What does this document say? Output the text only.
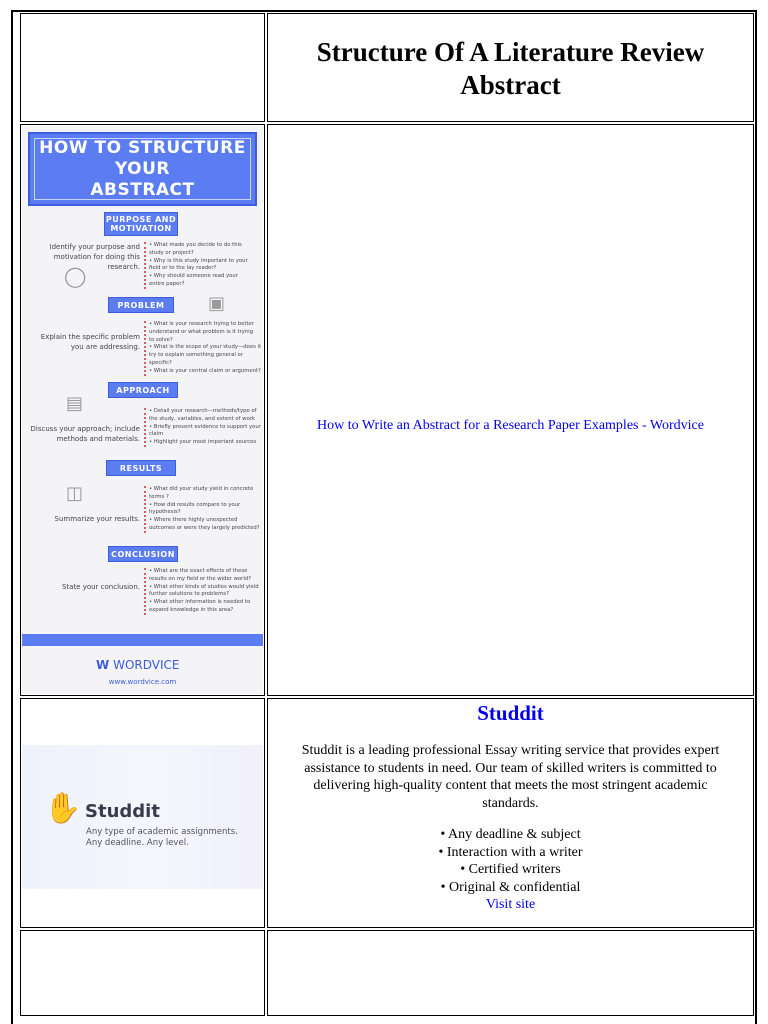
Structure Of A Literature Review
Abstract
HOW TO STRUCTURE YOUR
ABSTRACT
PURPOSE AND
MOTIVATION
Identify your purpose and
motivation for doing this
research.
◯
• What made you decide to do this
study or project?
• Why is this study important to your
field or to the lay reader?
• Why should someone read your
entire paper?
PROBLEM ▣
Explain the specific problem
you are addressing.
• What is your research trying to better
understand or what problem is it trying
to solve?
• What is the scope of your study—does it
try to explain something general or
specific?
• What is your central claim or argument?
APPROACH
▤
Discuss your approach; include
methods and materials.
• Detail your research—methods/type of
the study, variables, and extent of work
• Briefly present evidence to support your
claim
• Highlight your most important sources
RESULTS
◫
Summarize your results.
• What did your study yield in concrete
terms ?
• How did results compare to your
hypothesis?
• Where there highly unexpected
outcomes or were they largely predicted?
CONCLUSION
State your conclusion.
• What are the exact effects of these
results on my field or the wider world?
• What other kinds of studies would yield
further solutions to problems?
• What other information is needed to
expand knowledge in this area?
W WORDVICE
www.wordvice.com
How to Write an Abstract for a Research Paper Examples - Wordvice
✋ Studdit
Any type of academic assignments.
Any deadline. Any level.
Studdit
Studdit is a leading professional Essay writing service that provides expert
assistance to students in need. Our team of skilled writers is committed to
delivering high-quality content that meets the most stringent academic
standards.
• Any deadline & subject
• Interaction with a writer
• Certified writers
• Original & confidential
Visit site
